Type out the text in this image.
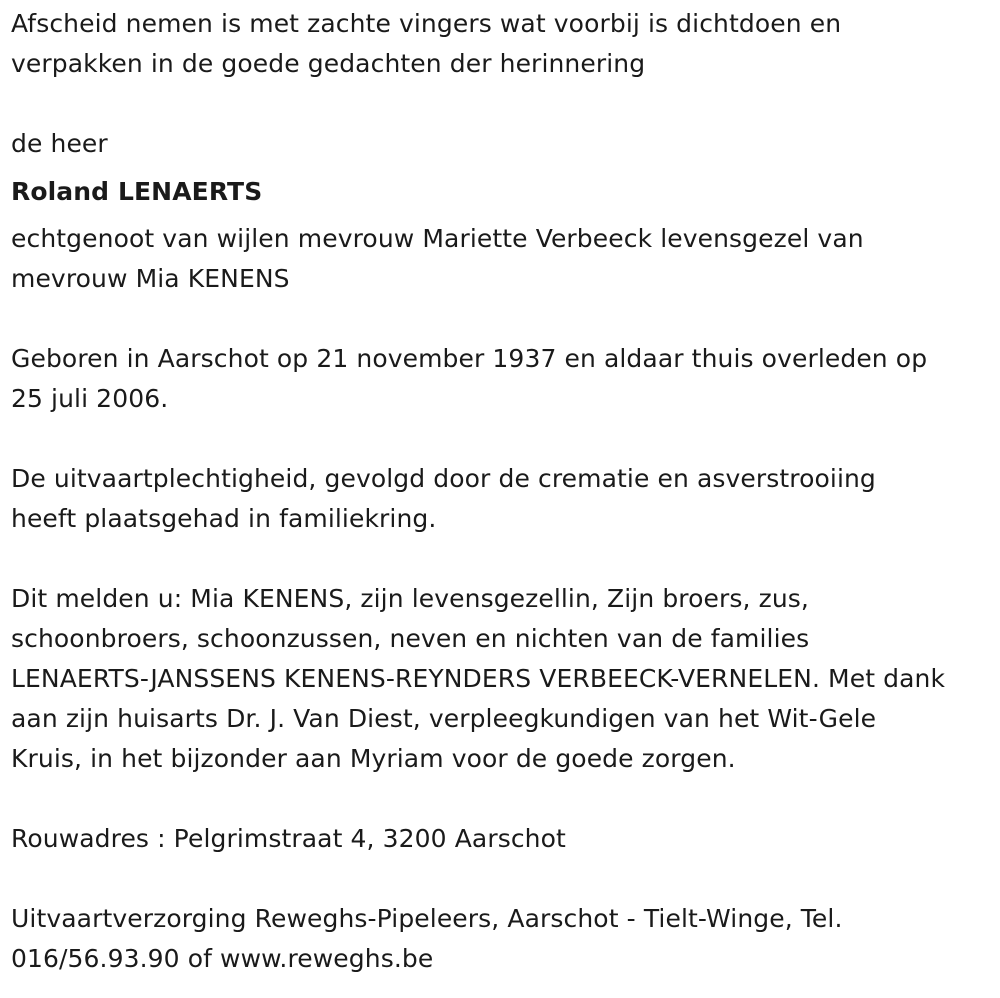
Afscheid nemen is met zachte vingers wat voorbij is dichtdoen en

verpakken in de goede gedachten der herinnering

de heer

Roland LENAERTS

echtgenoot van wijlen mevrouw Mariette Verbeeck levensgezel van

mevrouw Mia KENENS

Geboren in Aarschot op 21 november 1937 en aldaar thuis overleden op

25 juli 2006.

De uitvaartplechtigheid, gevolgd door de crematie en asverstrooiing

heeft plaatsgehad in familiekring.

Dit melden u: Mia KENENS, zijn levensgezellin, Zijn broers, zus,

schoonbroers, schoonzussen, neven en nichten van de families

LENAERTS-JANSSENS KENENS-REYNDERS VERBEECK-VERNELEN. Met dank

aan zijn huisarts Dr. J. Van Diest, verpleegkundigen van het Wit-Gele

Kruis, in het bijzonder aan Myriam voor de goede zorgen.

Rouwadres : Pelgrimstraat 4, 3200 Aarschot

Uitvaartverzorging Reweghs-Pipeleers, Aarschot - Tielt-Winge, Tel.

016/56.93.90 of www.reweghs.be
